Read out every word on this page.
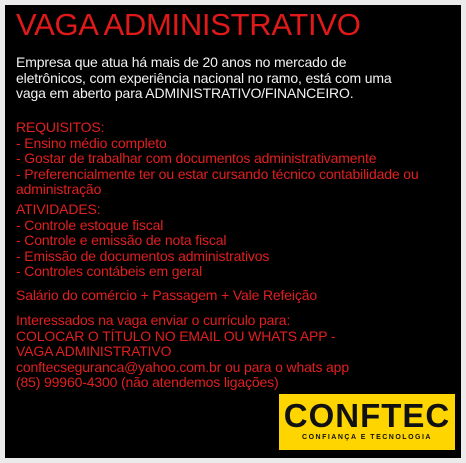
VAGA ADMINISTRATIVO
Empresa que atua há mais de 20 anos no mercado de
eletrônicos, com experiência nacional no ramo, está com uma
vaga em aberto para ADMINISTRATIVO/FINANCEIRO.
REQUISITOS:
- Ensino médio completo
- Gostar de trabalhar com documentos administrativamente
- Preferencialmente ter ou estar cursando técnico contabilidade ou
administração
ATIVIDADES:
- Controle estoque fiscal
- Controle e emissão de nota fiscal
- Emissão de documentos administrativos
- Controles contábeis em geral
Salário do comércio + Passagem + Vale Refeição
Interessados na vaga enviar o currículo para:
COLOCAR O TÍTULO NO EMAIL OU WHATS APP -
VAGA ADMINISTRATIVO
conftecseguranca@yahoo.com.br ou para o whats app
(85) 99960-4300 (não atendemos ligações)
CONFTEC
CONFIANÇA E TECNOLOGIA
